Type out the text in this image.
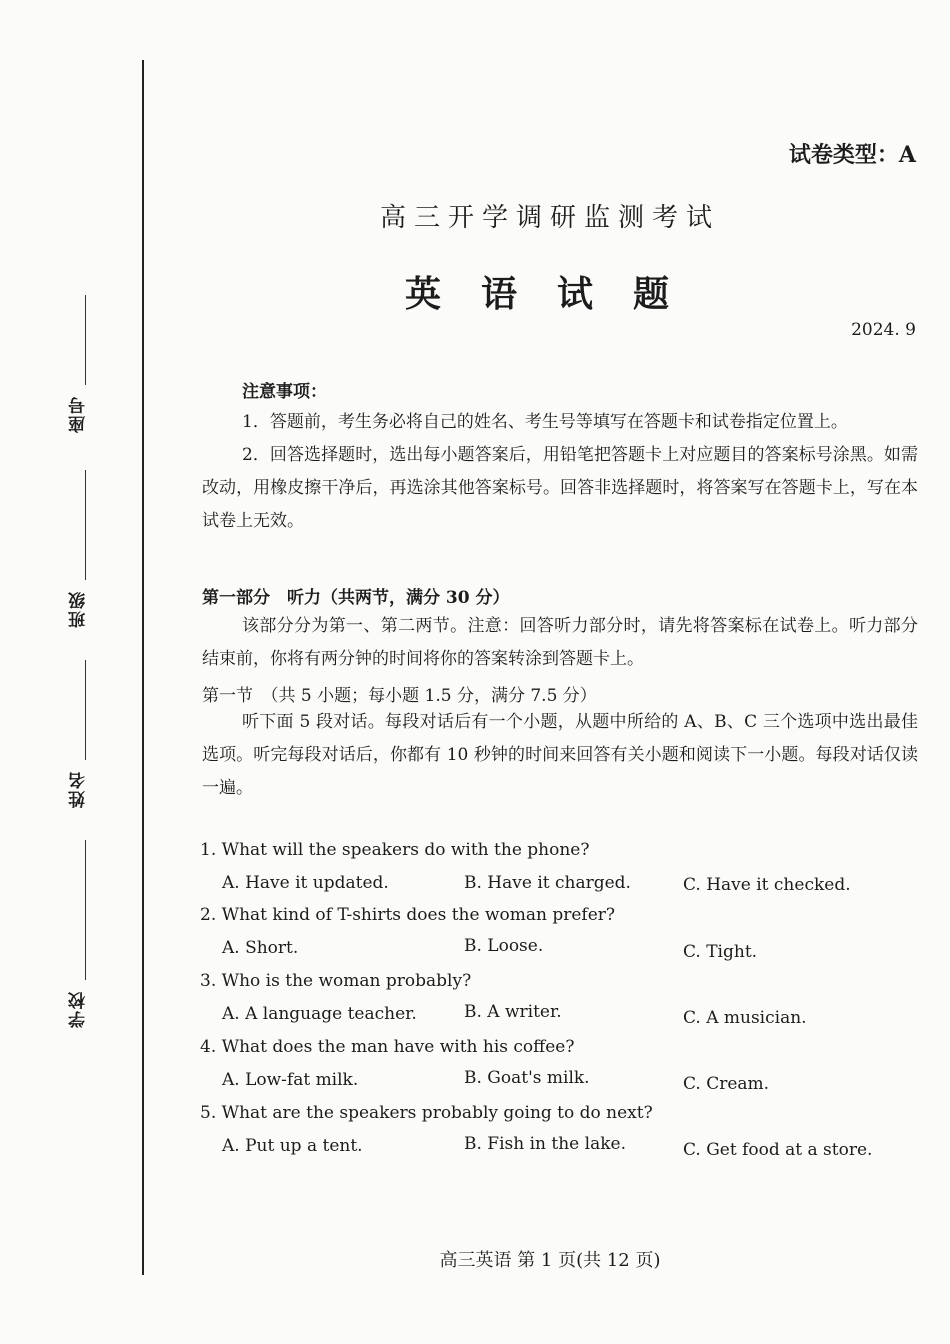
座号
班级
姓名
学校
试卷类型：A
高三开学调研监测考试
英语试题
2024. 9
注意事项：
1．答题前，考生务必将自己的姓名、考生号等填写在答题卡和试卷指定位置上。
2．回答选择题时，选出每小题答案后，用铅笔把答题卡上对应题目的答案标号涂黑。如需改动，用橡皮擦干净后，再选涂其他答案标号。回答非选择题时，将答案写在答题卡上，写在本试卷上无效。
第一部分　听力（共两节，满分 30 分）
该部分分为第一、第二两节。注意：回答听力部分时，请先将答案标在试卷上。听力部分结束前，你将有两分钟的时间将你的答案转涂到答题卡上。
第一节　（共 5 小题；每小题 1.5 分，满分 7.5 分）
听下面 5 段对话。每段对话后有一个小题，从题中所给的 A、B、C 三个选项中选出最佳选项。听完每段对话后，你都有 10 秒钟的时间来回答有关小题和阅读下一小题。每段对话仅读一遍。
1. What will the speakers do with the phone?
A. Have it updated.	B. Have it charged.	C. Have it checked.
2. What kind of T-shirts does the woman prefer?
A. Short.	B. Loose.	C. Tight.
3. Who is the woman probably?
A. A language teacher.	B. A writer.	C. A musician.
4. What does the man have with his coffee?
A. Low-fat milk.	B. Goat's milk.	C. Cream.
5. What are the speakers probably going to do next?
A. Put up a tent.	B. Fish in the lake.	C. Get food at a store.
高三英语 第 1 页(共 12 页)
